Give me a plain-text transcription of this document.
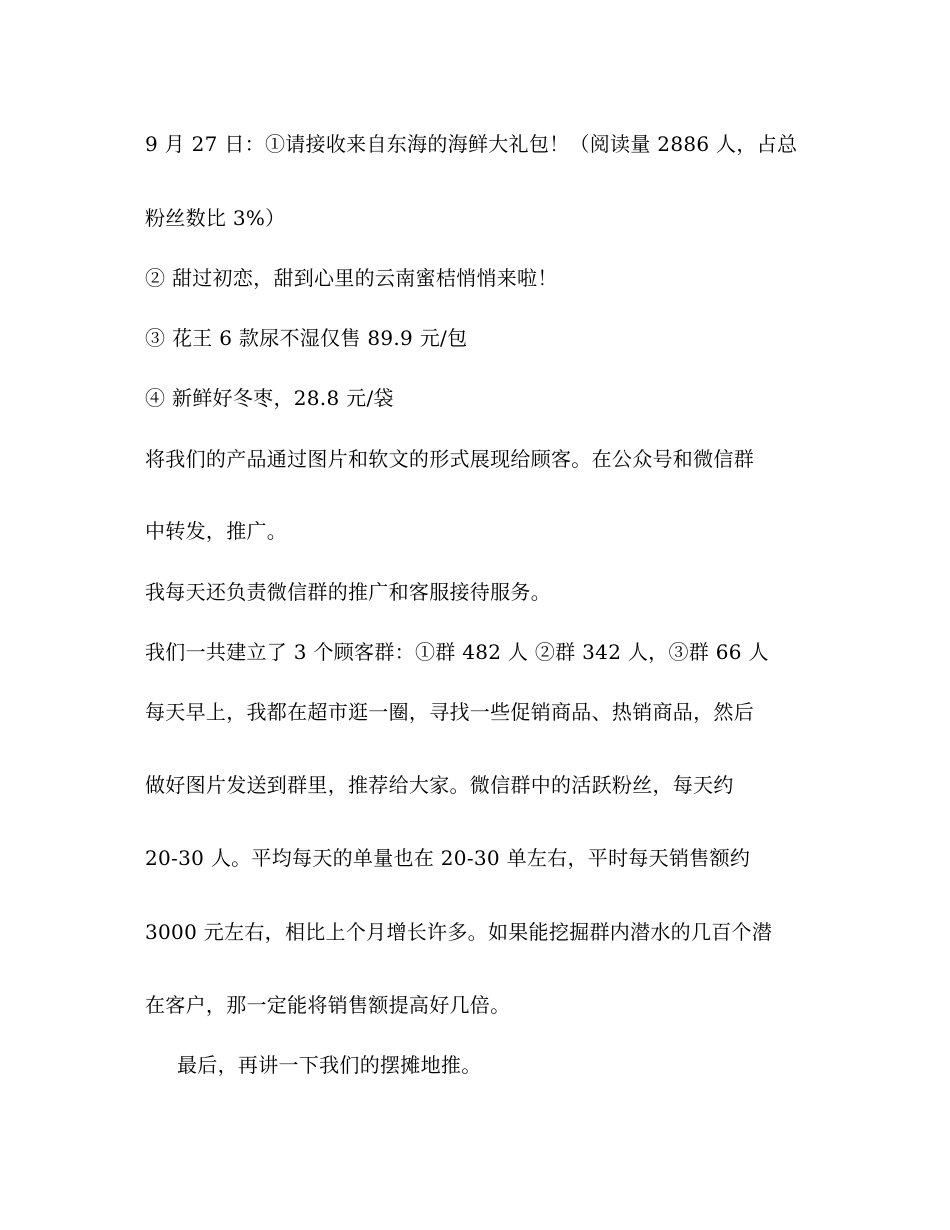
9 月 27 日：①请接收来自东海的海鲜大礼包！（阅读量 2886 人，占总
粉丝数比 3%）
② 甜过初恋，甜到心里的云南蜜桔悄悄来啦！
③ 花王 6 款尿不湿仅售 89.9 元/包
④ 新鲜好冬枣，28.8 元/袋
将我们的产品通过图片和软文的形式展现给顾客。在公众号和微信群
中转发，推广。
我每天还负责微信群的推广和客服接待服务。
我们一共建立了 3 个顾客群：①群 482 人 ②群 342 人，③群 66 人
每天早上，我都在超市逛一圈，寻找一些促销商品、热销商品，然后
做好图片发送到群里，推荐给大家。微信群中的活跃粉丝，每天约
20-30 人。平均每天的单量也在 20-30 单左右，平时每天销售额约
3000 元左右，相比上个月增长许多。如果能挖掘群内潜水的几百个潜
在客户，那一定能将销售额提高好几倍。
最后，再讲一下我们的摆摊地推。
